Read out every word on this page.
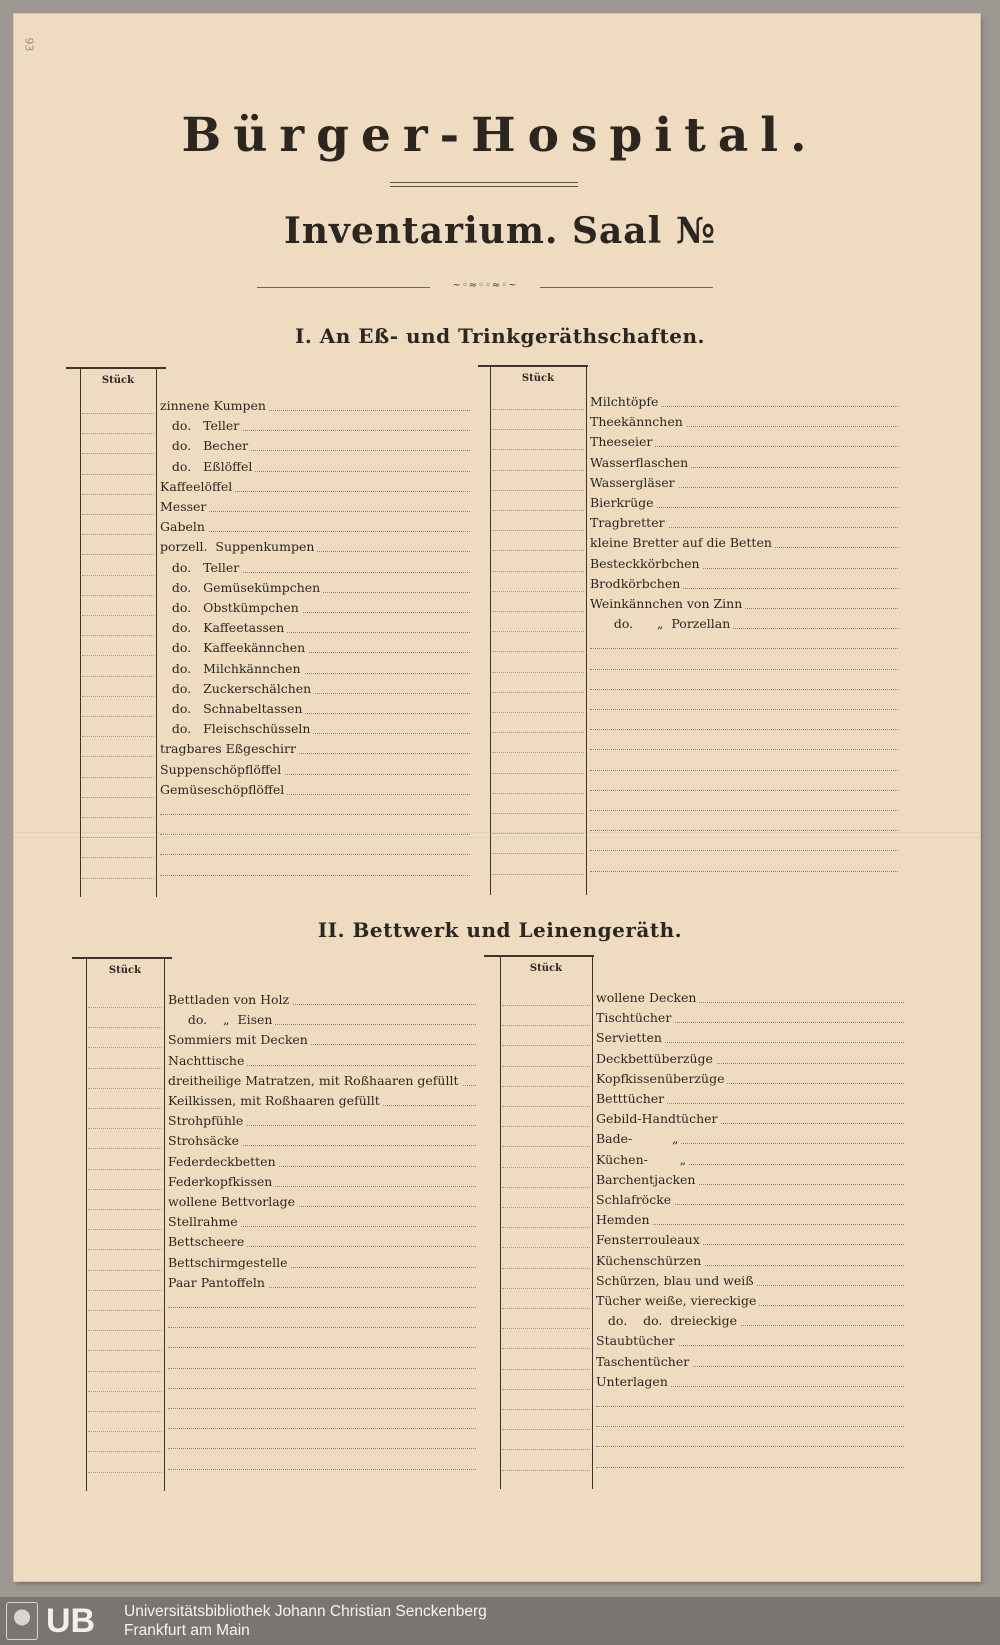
93
Bürger-Hospital.
Inventarium. Saal №
~◦≈◦◦≈◦~
I. An Eß- und Trinkgeräthschaften.
II. Bettwerk und Leinengeräth.
Stück
zinnene Kumpen
do.   Teller
do.   Becher
do.   Eßlöffel
Kaffeelöffel
Messer
Gabeln
porzell.  Suppenkumpen
do.   Teller
do.   Gemüsekümpchen
do.   Obstkümpchen
do.   Kaffeetassen
do.   Kaffeekännchen
do.   Milchkännchen
do.   Zuckerschälchen
do.   Schnabeltassen
do.   Fleischschüsseln
tragbares Eßgeschirr
Suppenschöpflöffel
Gemüseschöpflöffel
Stück
Milchtöpfe
Theekännchen
Theeseier
Wasserflaschen
Wassergläser
Bierkrüge
Tragbretter
kleine Bretter auf die Betten
Besteckkörbchen
Brodkörbchen
Weinkännchen von Zinn
do.      „  Porzellan
Stück
Bettladen von Holz
do.    „  Eisen
Sommiers mit Decken
Nachttische
dreitheilige Matratzen, mit Roßhaaren gefüllt
Keilkissen, mit Roßhaaren gefüllt
Strohpfühle
Strohsäcke
Federdeckbetten
Federkopfkissen
wollene Bettvorlage
Stellrahme
Bettscheere
Bettschirmgestelle
Paar Pantoffeln
Stück
wollene Decken
Tischtücher
Servietten
Deckbettüberzüge
Kopfkissenüberzüge
Betttücher
Gebild-Handtücher
Bade-          „
Küchen-        „
Barchentjacken
Schlafröcke
Hemden
Fensterrouleaux
Küchenschürzen
Schürzen, blau und weiß
Tücher weiße, viereckige
do.    do.  dreieckige
Staubtücher
Taschentücher
Unterlagen
UB Universitätsbibliothek Johann Christian Senckenberg
Frankfurt am Main
